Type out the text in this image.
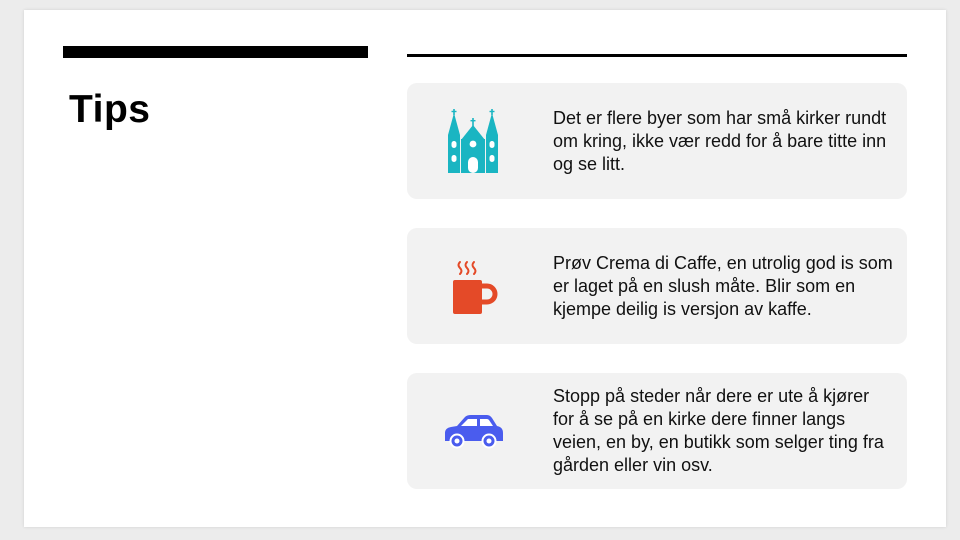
Tips	Det er flere byer som har små kirker rundt om kring, ikke vær redd for å bare titte inn og se litt.
Prøv Crema di Caffe, en utrolig god is som er laget på en slush måte. Blir som en kjempe deilig is versjon av kaffe.
Stopp på steder når dere er ute å kjører for å se på en kirke dere finner langs veien, en by, en butikk som selger ting fra gården eller vin osv.
